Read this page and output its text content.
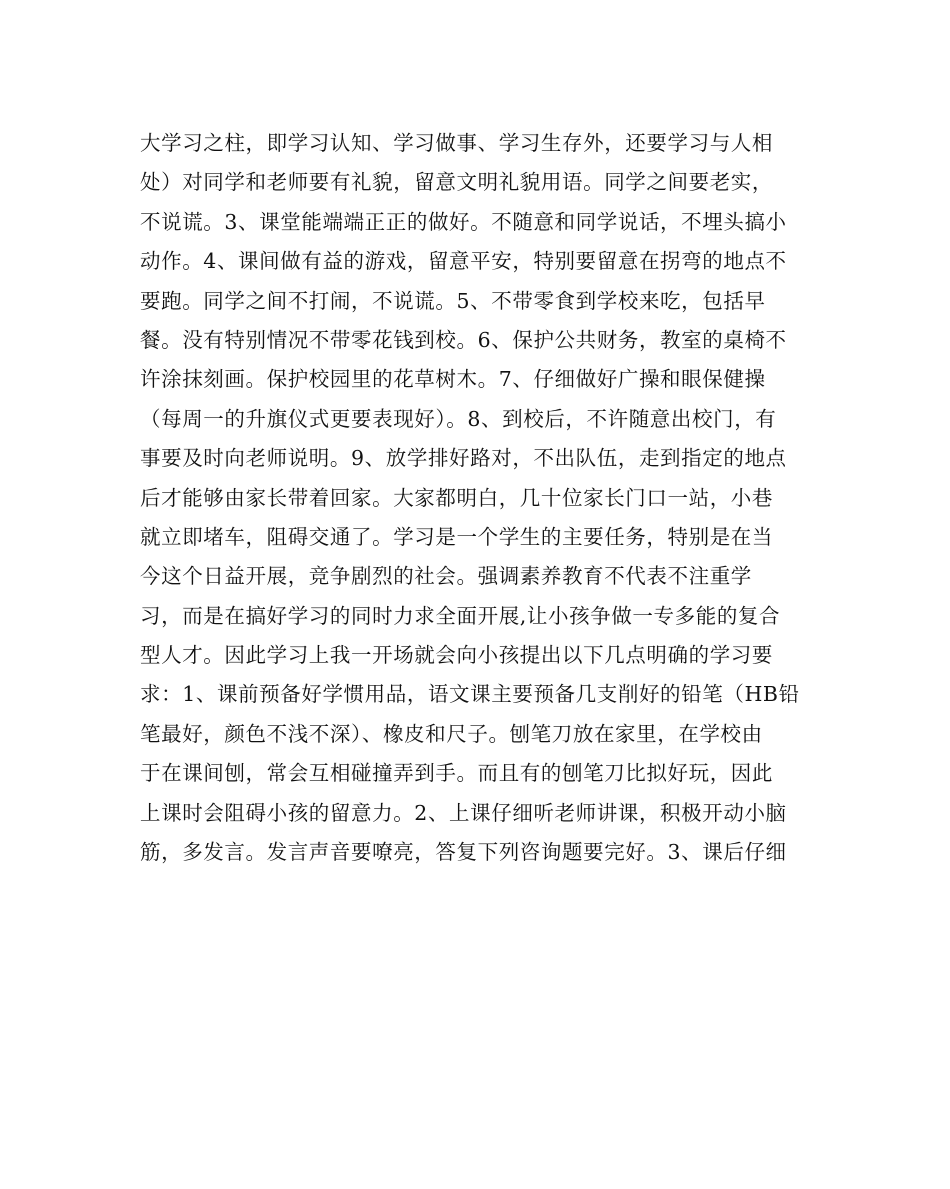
大学习之柱，即学习认知、学习做事、学习生存外，还要学习与人相
处）对同学和老师要有礼貌，留意文明礼貌用语。同学之间要老实，
不说谎。3、课堂能端端正正的做好。不随意和同学说话，不埋头搞小
动作。4、课间做有益的游戏，留意平安，特别要留意在拐弯的地点不
要跑。同学之间不打闹，不说谎。5、不带零食到学校来吃，包括早
餐。没有特别情况不带零花钱到校。6、保护公共财务，教室的桌椅不
许涂抹刻画。保护校园里的花草树木。7、仔细做好广操和眼保健操
（每周一的升旗仪式更要表现好）。8、到校后，不许随意出校门，有
事要及时向老师说明。9、放学排好路对，不出队伍，走到指定的地点
后才能够由家长带着回家。大家都明白，几十位家长门口一站，小巷
就立即堵车，阻碍交通了。学习是一个学生的主要任务，特别是在当
今这个日益开展，竞争剧烈的社会。强调素养教育不代表不注重学
习，而是在搞好学习的同时力求全面开展,让小孩争做一专多能的复合
型人才。因此学习上我一开场就会向小孩提出以下几点明确的学习要
求：1、课前预备好学惯用品，语文课主要预备几支削好的铅笔（HB铅
笔最好，颜色不浅不深）、橡皮和尺子。刨笔刀放在家里，在学校由
于在课间刨，常会互相碰撞弄到手。而且有的刨笔刀比拟好玩，因此
上课时会阻碍小孩的留意力。2、上课仔细听老师讲课，积极开动小脑
筋，多发言。发言声音要嘹亮，答复下列咨询题要完好。3、课后仔细
